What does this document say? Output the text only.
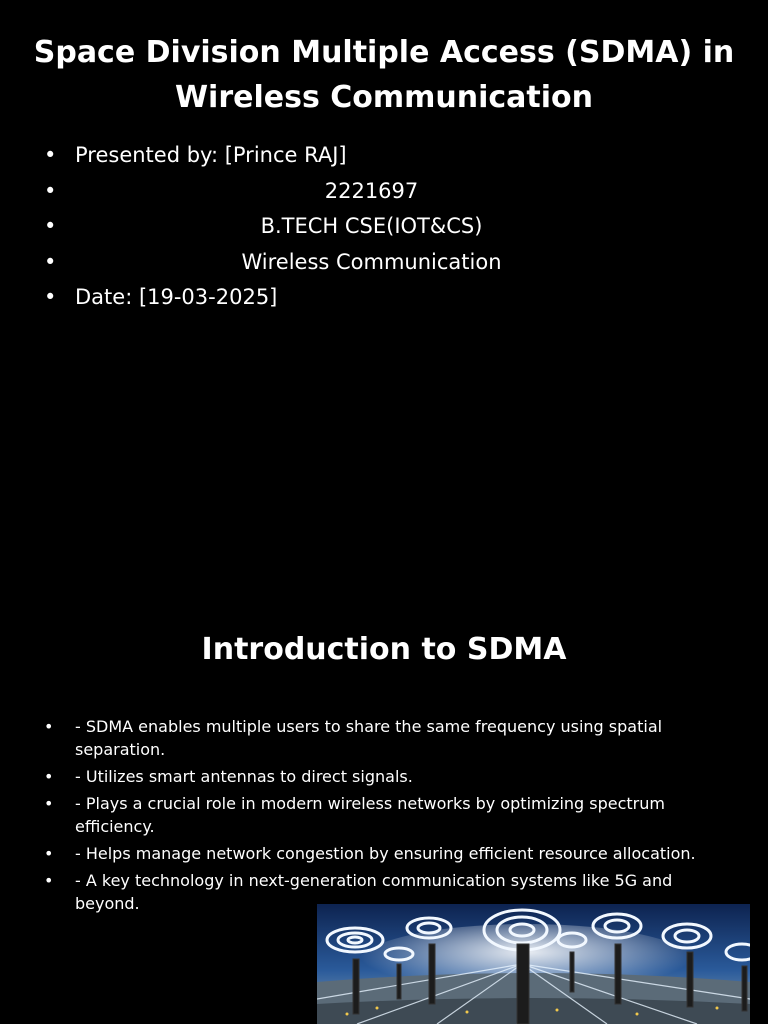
Space Division Multiple Access (SDMA) in Wireless Communication
• Presented by: [Prince RAJ]
•	2221697
•	B.TECH CSE(IOT&CS)
•	Wireless Communication
• Date: [19-03-2025]
Introduction to SDMA
• - SDMA enables multiple users to share the same frequency using spatial separation.
• - Utilizes smart antennas to direct signals.
• - Plays a crucial role in modern wireless networks by optimizing spectrum efficiency.
• - Helps manage network congestion by ensuring efficient resource allocation.
• - A key technology in next-generation communication systems like 5G and beyond.
